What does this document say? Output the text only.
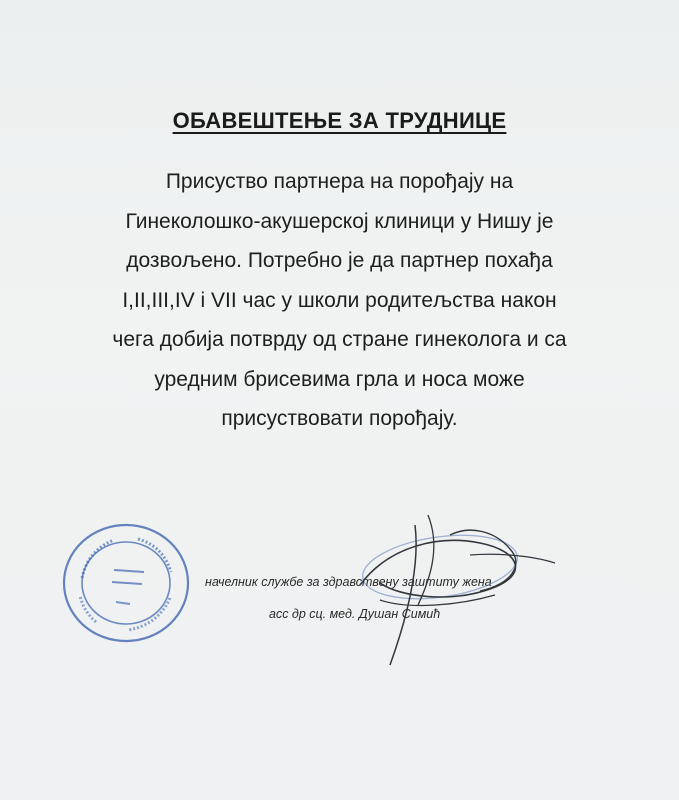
ОБАВЕШТЕЊЕ ЗА ТРУДНИЦЕ
Присуство партнера на порођају на
Гинеколошко-акушерској клиници у Нишу је
дозвољено. Потребно је да партнер похађа
I,II,III,IV i VII час у школи родитељства након
чега добија потврду од стране гинеколога и са
уредним брисевима грла и носа може
присуствовати порођају.
начелник службе за здравствену заштиту жена
асс др сц. мед. Душан Симић
